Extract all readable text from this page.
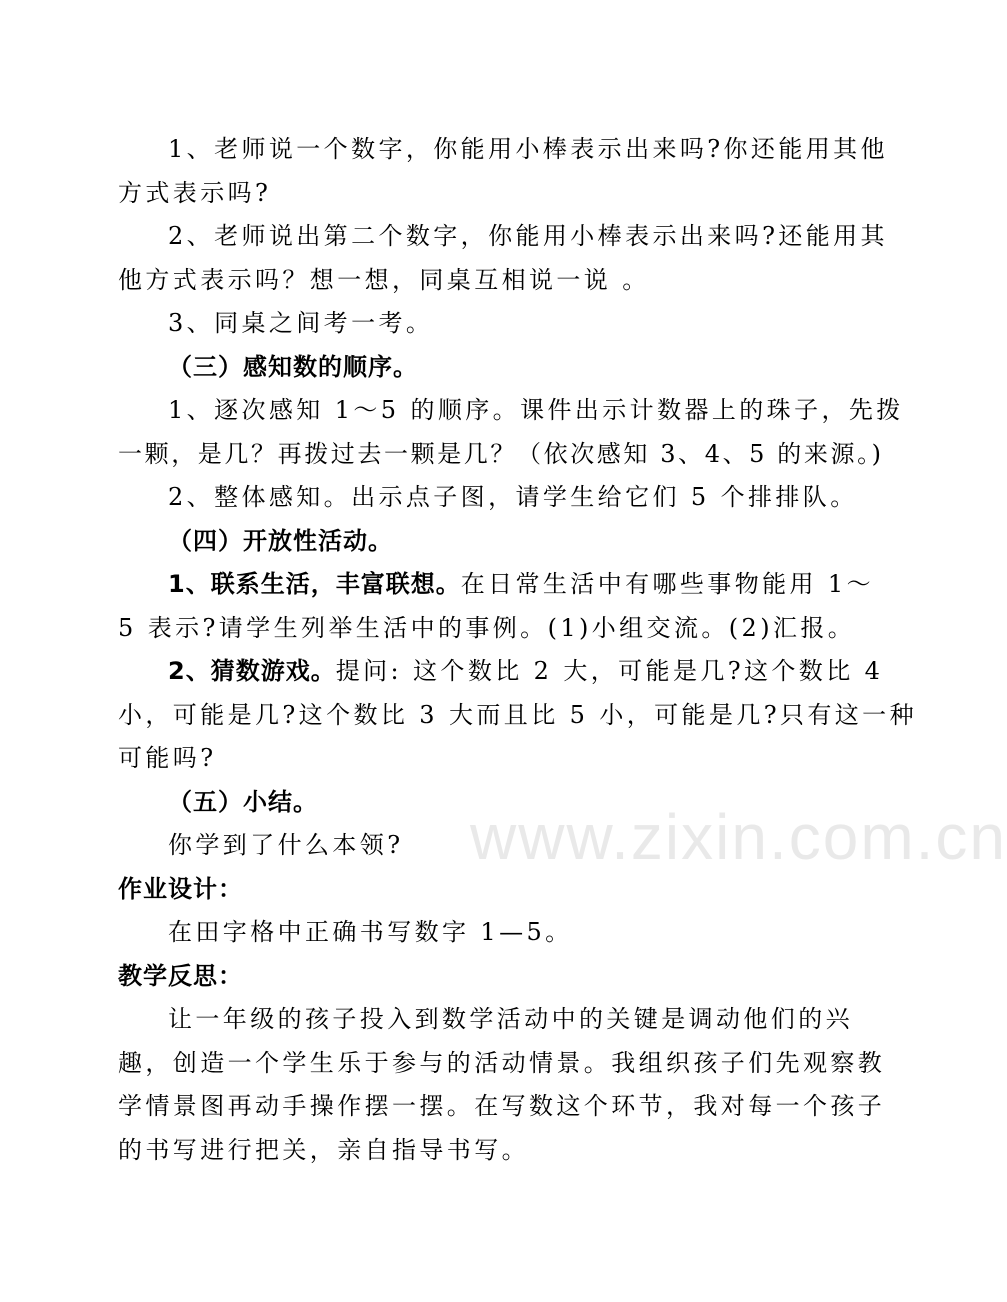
www.zixin.com.cn
1、老师说一个数字，你能用小棒表示出来吗?你还能用其他
方式表示吗?
2、老师说出第二个数字，你能用小棒表示出来吗?还能用其
他方式表示吗？想一想，同桌互相说一说 。
3、同桌之间考一考。
（三）感知数的顺序。
1、逐次感知 1～5 的顺序。课件出示计数器上的珠子，先拨
一颗，是几？再拨过去一颗是几？（依次感知 3、4、5 的来源。)
2、整体感知。出示点子图，请学生给它们 5 个排排队。
（四）开放性活动。
1、联系生活，丰富联想。在日常生活中有哪些事物能用 1～
5 表示?请学生列举生活中的事例。(1)小组交流。(2)汇报。
2、猜数游戏。提问: 这个数比 2 大，可能是几?这个数比 4
小，可能是几?这个数比 3 大而且比 5 小，可能是几?只有这一种
可能吗?
（五）小结。
你学到了什么本领?
作业设计：
在田字格中正确书写数字 1—5。
教学反思：
让一年级的孩子投入到数学活动中的关键是调动他们的兴
趣，创造一个学生乐于参与的活动情景。我组织孩子们先观察教
学情景图再动手操作摆一摆。在写数这个环节，我对每一个孩子
的书写进行把关，亲自指导书写。
